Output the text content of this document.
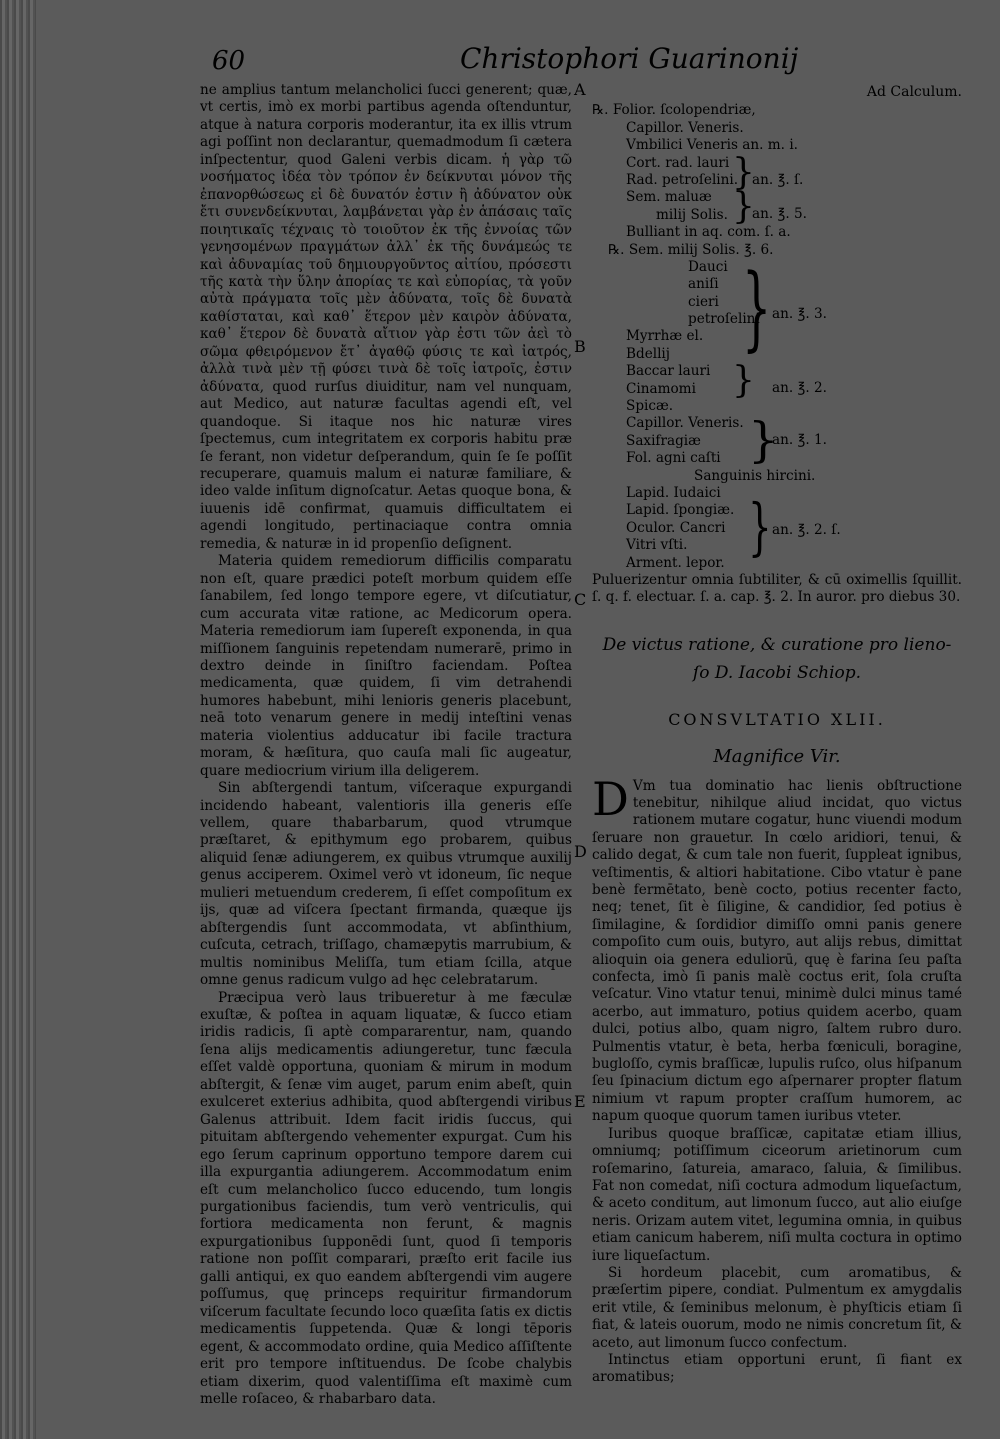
60	Christophori Guarinonij

ne amplius tantum melancholici ſucci generent; quæ, vt certis, imò ex morbi partibus agenda oſtenduntur, atque à natura corporis moderantur, ita ex illis vtrum agi poſſint non declarantur, quemadmodum ſi cætera inſpectentur, quod Galeni verbis dicam. ἡ γὰρ τῶ νοσήματος ἰδέα τὸν τρόπον ἐν δείκνυται μόνον τῆς ἐπανορθώσεως εἰ δὲ δυνατόν ἐστιν ἢ ἀδύνατον οὐκ ἔτι συνενδείκνυται, λαμβάνεται γὰρ ἐν ἁπάσαις ταῖς ποιητικαῖς τέχναις τὸ τοιοῦτον ἐκ τῆς ἐννοίας τῶν γενησομένων πραγμάτων ἀλλ᾽ ἐκ τῆς δυνάμεώς τε καὶ ἀδυναμίας τοῦ δημιουργοῦντος αἰτίου, πρόσεστι τῆς κατὰ τὴν ὕλην ἀπορίας τε καὶ εὐπορίας, τὰ γοῦν αὐτὰ πράγματα τοῖς μὲν ἀδύνατα, τοῖς δὲ δυνατὰ καθίσταται, καὶ καθ᾽ ἕτερον μὲν καιρὸν ἀδύνατα, καθ᾽ ἕτερον δὲ δυνατὰ αἴτιον γὰρ ἐστι τῶν ἀεὶ τὸ σῶμα φθειρόμενον ἔτ᾽ ἀγαθῷ φύσις τε καὶ ἰατρός, ἀλλὰ τινὰ μὲν τῇ φύσει τινὰ δὲ τοῖς ἰατροῖς, ἐστιν ἀδύνατα, quod rurſus diuiditur, nam vel nunquam, aut Medico, aut naturæ facultas agendi eſt, vel quandoque. Si itaque nos hic naturæ vires ſpectemus, cum integritatem ex corporis habitu præ ſe ferant, non videtur deſperandum, quin ſe ſe poſſit recuperare, quamuis malum ei naturæ familiare, & ideo valde inſitum dignoſcatur. Aetas quoque bona, & iuuenis idē confirmat, quamuis difficultatem ei agendi longitudo, pertinaciaque contra omnia remedia, & naturæ in id propenſio deſignent.

Materia quidem remediorum difficilis comparatu non eſt, quare prædici poteſt morbum quidem eſſe ſanabilem, ſed longo tempore egere, vt diſcutiatur, cum accurata vitæ ratione, ac Medicorum opera. Materia remediorum iam ſupereſt exponenda, in qua miſſionem ſanguinis repetendam numerarē, primo in dextro deinde in ſiniſtro faciendam. Poſtea medicamenta, quæ quidem, ſi vim detrahendi humores habebunt, mihi lenioris generis placebunt, neā toto venarum genere in medij inteſtini venas materia violentius adducatur ibi facile tractura moram, & hæſitura, quo cauſa mali ſic augeatur, quare mediocrium virium illa deligerem.

Sin abſtergendi tantum, viſceraque expurgandi incidendo habeant, valentioris illa generis eſſe vellem, quare thabarbarum, quod vtrumque præſtaret, & epithymum ego probarem, quibus aliquid ſenæ adiungerem, ex quibus vtrumque auxilij genus acciperem. Oximel verò vt idoneum, ſic neque mulieri metuendum crederem, ſi eſſet compoſitum ex ijs, quæ ad viſcera ſpectant firmanda, quæque ijs abſtergendis ſunt accommodata, vt abſinthium, cuſcuta, cetrach, triſſago, chamæpytis marrubium, & multis nominibus Meliſſa, tum etiam ſcilla, atque omne genus radicum vulgo ad hęc celebratarum.

Præcipua verò laus tribueretur à me fæculæ exuſtæ, & poſtea in aquam liquatæ, & ſucco etiam iridis radicis, ſi aptè compararentur, nam, quando ſena alijs medicamentis adiungeretur, tunc fæcula eſſet valdè opportuna, quoniam & mirum in modum abſtergit, & ſenæ vim auget, parum enim abeſt, quin exulceret exterius adhibita, quod abſtergendi viribus Galenus attribuit. Idem facit iridis ſuccus, qui pituitam abſtergendo vehementer expurgat. Cum his ego ſerum caprinum opportuno tempore darem cui illa expurgantia adiungerem. Accommodatum enim eſt cum melancholico ſucco educendo, tum longis purgationibus faciendis, tum verò ventriculis, qui fortiora medicamenta non ferunt, & magnis expurgationibus ſupponēdi ſunt, quod ſi temporis ratione non poſſit comparari, præſto erit facile ius galli antiqui, ex quo eandem abſtergendi vim augere poſſumus, quę princeps requiritur firmandorum viſcerum facultate ſecundo loco quæſita ſatis ex dictis medicamentis ſuppetenda. Quæ & longi tēporis egent, & accommodato ordine, quia Medico aſſiſtente erit pro tempore inſtituendus. De ſcobe chalybis etiam dixerim, quod valentiſſima eſt maximè cum melle roſaceo, & rhabarbaro data.

A
B
C
D
E
Ad Calculum.
℞. Folior. ſcolopendriæ,
Capillor. Veneris.
Vmbilici Veneris an. m. i.
Cort. rad. lauri
Rad. petroſelini.
Sem. maluæ
milij Solis.
Bulliant in aq. com. ſ. a.
℞. Sem. milij Solis. ℥. 6.
Dauci
aniſi
cieri
petroſelini
Myrrhæ el.
Bdellij
Baccar lauri
Cinamomi
Spicæ.
Capillor. Veneris.
Saxifragiæ
Fol. agni caſti
Sanguinis hircini.
Lapid. Iudaici
Lapid. ſpongiæ.
Oculor. Cancri
Vitri vſti.
Arment. lepor.
}
an. ℥. ſ.
}
an. ℥. 5.
} an. ℥. 3.
} an. ℥. 2.
}
an. ℥. 1.
} an. ℥. 2. ſ.

Puluerizentur omnia ſubtiliter, & cū oximellis ſquillit. ſ. q. f. electuar. ſ. a. cap. ℥. 2. In auror. pro diebus 30.

De victus ratione, & curatione pro lieno-
ſo D. Iacobi Schiop.
CONSVLTATIO XLII.
Magnifice Vir.

D Vm tua dominatio hac lienis obſtructione tenebitur, nihilque aliud incidat, quo victus rationem mutare cogatur, hunc viuendi modum ſeruare non grauetur. In cœlo aridiori, tenui, & calido degat, & cum tale non fuerit, ſuppleat ignibus, veſtimentis, & altiori habitatione. Cibo vtatur è pane benè fermētato, benè cocto, potius recenter facto, neq; tenet, ſit è ſiligine, & candidior, ſed potius è ſimilagine, & ſordidior dimiſſo omni panis genere compoſito cum ouis, butyro, aut alijs rebus, dimittat alioquin oia genera eduliorū, quę è farina ſeu paſta confecta, imò ſi panis malè coctus erit, ſola cruſta veſcatur. Vino vtatur tenui, minimè dulci minus tamé acerbo, aut immaturo, potius quidem acerbo, quam dulci, potius albo, quam nigro, ſaltem rubro duro. Pulmentis vtatur, è beta, herba fœniculi, boragine, bugloſſo, cymis braſſicæ, lupulis ruſco, olus hiſpanum ſeu ſpinacium dictum ego aſpernarer propter flatum nimium vt rapum propter craſſum humorem, ac napum quoque quorum tamen iuribus vteter.

Iuribus quoque braſſicæ, capitatæ etiam illius, omniumq; potiſſimum ciceorum arietinorum cum roſemarino, ſatureia, amaraco, ſaluia, & ſimilibus. Fat non comedat, niſi coctura admodum liqueſactum, & aceto conditum, aut limonum ſucco, aut alio eiuſge neris. Orizam autem vitet, legumina omnia, in quibus etiam canicum haberem, niſi multa coctura in optimo iure liqueſactum.

Si hordeum placebit, cum aromatibus, & præſertim pipere, condiat. Pulmentum ex amygdalis erit vtile, & ſeminibus melonum, è phyſticis etiam ſi fiat, & lateis ouorum, modo ne nimis concretum ſit, & aceto, aut limonum ſucco confectum.

Intinctus etiam opportuni erunt, ſi fiant ex aromatibus;
